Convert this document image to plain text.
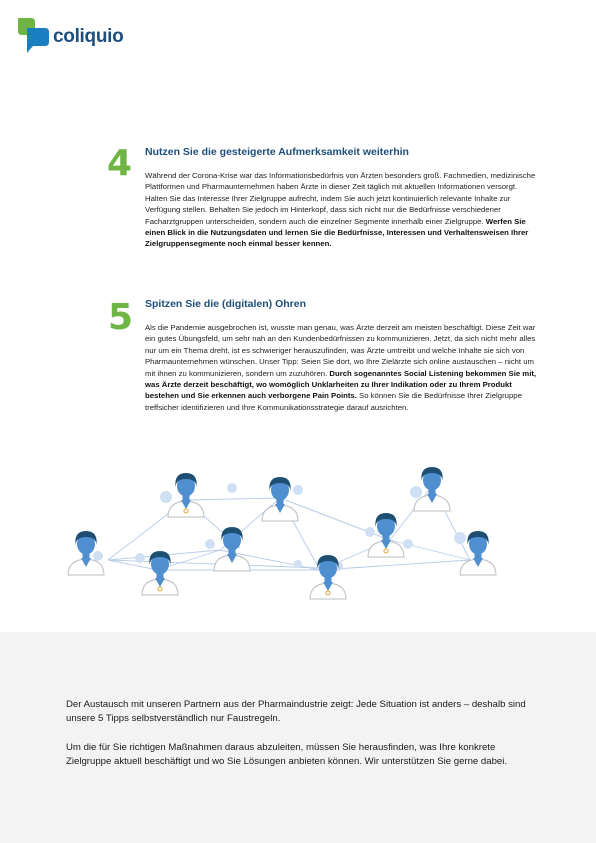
coliquio
4 Nutzen Sie die gesteigerte Aufmerksamkeit weiterhin
Während der Corona-Krise war das Informationsbedürfnis von Ärzten besonders groß. Fachmedien, medizinische Plattformen und Pharmaunternehmen haben Ärzte in dieser Zeit täglich mit aktuellen Informationen versorgt. Halten Sie das Interesse Ihrer Zielgruppe aufrecht, indem Sie auch jetzt kontinuierlich relevante Inhalte zur Verfügung stellen. Behalten Sie jedoch im Hinterkopf, dass sich nicht nur die Bedürfnisse verschiedener Facharztgruppen unterscheiden, sondern auch die einzelner Segmente innerhalb einer Zielgruppe. Werfen Sie einen Blick in die Nutzungsdaten und lernen Sie die Bedürfnisse, Interessen und Verhaltensweisen Ihrer Zielgruppensegmente noch einmal besser kennen.
5 Spitzen Sie die (digitalen) Ohren
Als die Pandemie ausgebrochen ist, wusste man genau, was Ärzte derzeit am meisten beschäftigt. Diese Zeit war ein gutes Übungsfeld, um sehr nah an den Kundenbedürfnissen zu kommunizieren. Jetzt, da sich nicht mehr alles nur um ein Thema dreht, ist es schwieriger herauszufinden, was Ärzte umtreibt und welche Inhalte sie sich von Pharmaunternehmen wünschen. Unser Tipp: Seien Sie dort, wo Ihre Zielärzte sich online austauschen – nicht um mit ihnen zu kommunizieren, sondern um zuzuhören. Durch sogenanntes Social Listening bekommen Sie mit, was Ärzte derzeit beschäftigt, wo womöglich Unklarheiten zu Ihrer Indikation oder zu Ihrem Produkt bestehen und Sie erkennen auch verborgene Pain Points. So können Sie die Bedürfnisse Ihrer Zielgruppe treffsicher identifizieren und Ihre Kommunikationsstrategie darauf ausrichten.

Der Austausch mit unseren Partnern aus der Pharmaindustrie zeigt: Jede Situation ist anders – deshalb sind unsere 5 Tipps selbstverständlich nur Faustregeln.

Um die für Sie richtigen Maßnahmen daraus abzuleiten, müssen Sie herausfinden, was Ihre konkrete Zielgruppe aktuell beschäftigt und wo Sie Lösungen anbieten können. Wir unterstützen Sie gerne dabei.
